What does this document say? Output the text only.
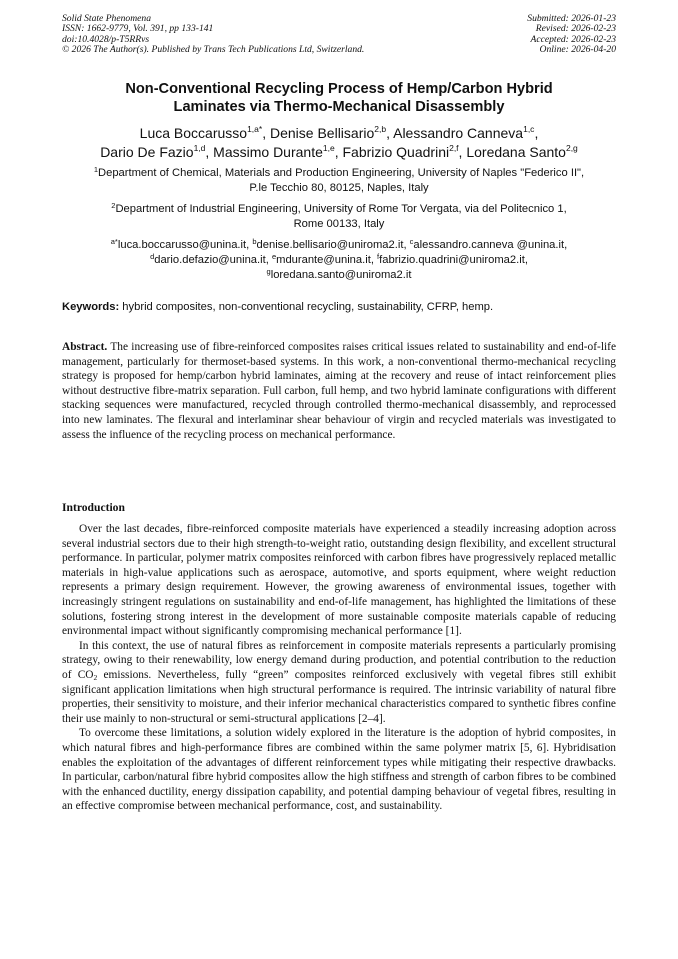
Solid State Phenomena
ISSN: 1662-9779, Vol. 391, pp 133-141
doi:10.4028/p-T5RRvs
© 2026 The Author(s). Published by Trans Tech Publications Ltd, Switzerland.
Submitted: 2026-01-23
Revised: 2026-02-23
Accepted: 2026-02-23
Online: 2026-04-20
Non-Conventional Recycling Process of Hemp/Carbon Hybrid
Laminates via Thermo-Mechanical Disassembly
Luca Boccarusso$^{1,a*}$, Denise Bellisario$^{2,b}$, Alessandro Canneva$^{1,c}$,
Dario De Fazio$^{1,d}$, Massimo Durante$^{1,e}$, Fabrizio Quadrini$^{2,f}$, Loredana Santo$^{2,g}$
$^1$Department of Chemical, Materials and Production Engineering, University of Naples "Federico II",
P.le Tecchio 80, 80125, Naples, Italy
$^2$Department of Industrial Engineering, University of Rome Tor Vergata, via del Politecnico 1,
Rome 00133, Italy
$^{a*}$luca.boccarusso@unina.it, $^b$denise.bellisario@uniroma2.it, $^c$alessandro.canneva @unina.it,
$^d$dario.defazio@unina.it, $^e$mdurante@unina.it, $^f$fabrizio.quadrini@uniroma2.it,
$^g$loredana.santo@uniroma2.it
Keywords: hybrid composites, non-conventional recycling, sustainability, CFRP, hemp.
Abstract. The increasing use of fibre-reinforced composites raises critical issues related to sustainability and end-of-life management, particularly for thermoset-based systems. In this work, a non-conventional thermo-mechanical recycling strategy is proposed for hemp/carbon hybrid laminates, aiming at the recovery and reuse of intact reinforcement plies without destructive fibre-matrix separation. Full carbon, full hemp, and two hybrid laminate configurations with different stacking sequences were manufactured, recycled through controlled thermo-mechanical disassembly, and reprocessed into new laminates. The flexural and interlaminar shear behaviour of virgin and recycled materials was investigated to assess the influence of the recycling process on mechanical performance.
Introduction

Over the last decades, fibre-reinforced composite materials have experienced a steadily increasing adoption across several industrial sectors due to their high strength-to-weight ratio, outstanding design flexibility, and excellent structural performance. In particular, polymer matrix composites reinforced with carbon fibres have progressively replaced metallic materials in high-value applications such as aerospace, automotive, and sports equipment, where weight reduction represents a primary design requirement. However, the growing awareness of environmental issues, together with increasingly stringent regulations on sustainability and end-of-life management, has highlighted the limitations of these solutions, fostering strong interest in the development of more sustainable composite materials capable of reducing environmental impact without significantly compromising mechanical performance [1].

In this context, the use of natural fibres as reinforcement in composite materials represents a particularly promising strategy, owing to their renewability, low energy demand during production, and potential contribution to the reduction of $CO_2$ emissions. Nevertheless, fully “green” composites reinforced exclusively with vegetal fibres still exhibit significant application limitations when high structural performance is required. The intrinsic variability of natural fibre properties, their sensitivity to moisture, and their inferior mechanical characteristics compared to synthetic fibres confine their use mainly to non-structural or semi-structural applications [2–4].

To overcome these limitations, a solution widely explored in the literature is the adoption of hybrid composites, in which natural fibres and high-performance fibres are combined within the same polymer matrix [5, 6]. Hybridisation enables the exploitation of the advantages of different reinforcement types while mitigating their respective drawbacks. In particular, carbon/natural fibre hybrid composites allow the high stiffness and strength of carbon fibres to be combined with the enhanced ductility, energy dissipation capability, and potential damping behaviour of vegetal fibres, resulting in an effective compromise between mechanical performance, cost, and sustainability.
